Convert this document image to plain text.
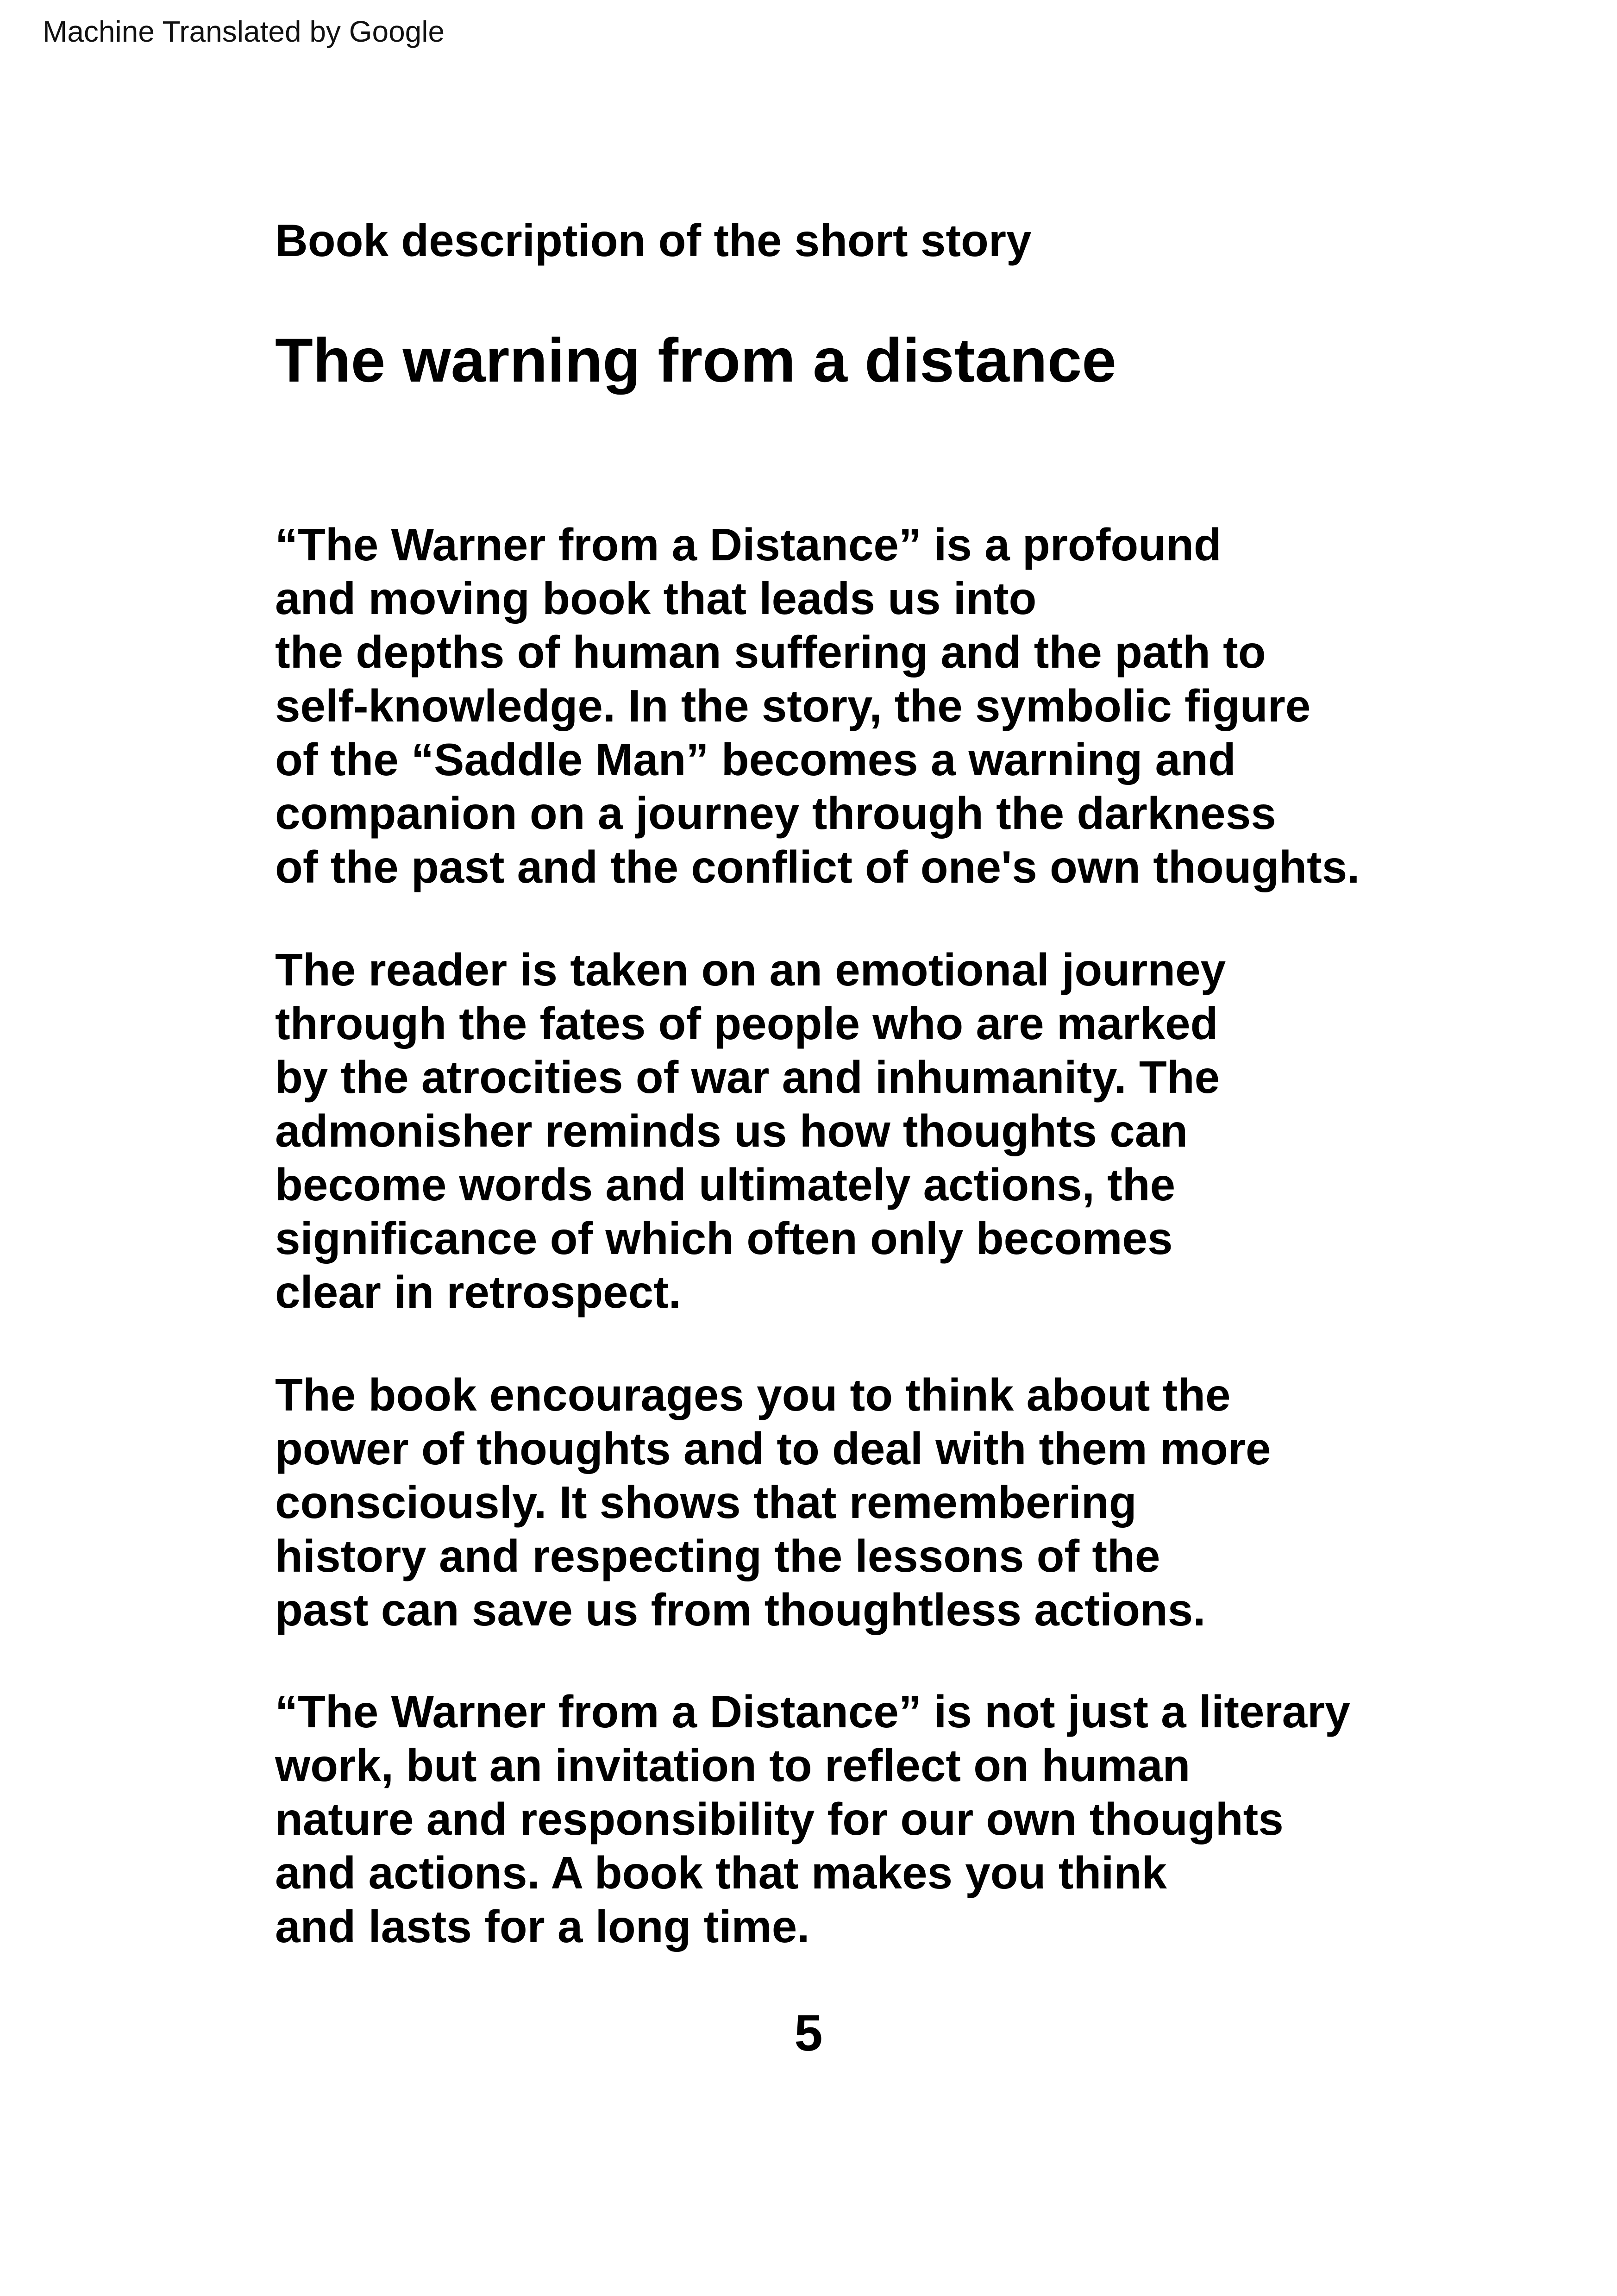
Machine Translated by Google
Book description of the short story
The warning from a distance
“The Warner from a Distance” is a profound
and moving book that leads us into
the depths of human suffering and the path to
self-knowledge. In the story, the symbolic figure
of the “Saddle Man” becomes a warning and
companion on a journey through the darkness
of the past and the conflict of one's own thoughts.
The reader is taken on an emotional journey
through the fates of people who are marked
by the atrocities of war and inhumanity. The
admonisher reminds us how thoughts can
become words and ultimately actions, the
significance of which often only becomes
clear in retrospect.
The book encourages you to think about the
power of thoughts and to deal with them more
consciously. It shows that remembering
history and respecting the lessons of the
past can save us from thoughtless actions.
“The Warner from a Distance” is not just a literary
work, but an invitation to reflect on human
nature and responsibility for our own thoughts
and actions. A book that makes you think
and lasts for a long time.
5
